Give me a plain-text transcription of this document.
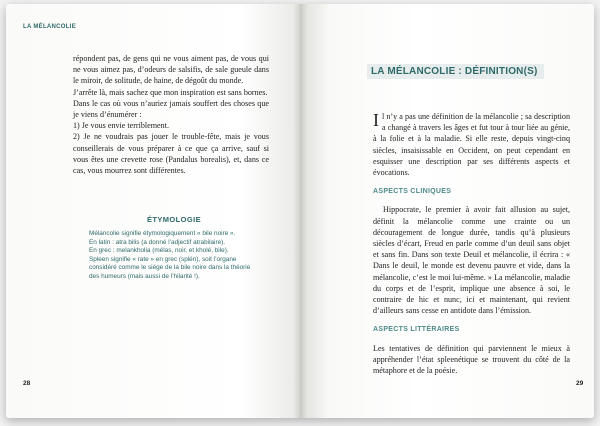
LA MÉLANCOLIE

répondent pas, de gens qui ne vous aiment pas, de vous qui ne vous aimez pas, d’odeurs de salsifis, de sale gueule dans le miroir, de solitude, de haine, de dégoût du monde.

J’arrête là, mais sachez que mon inspiration est sans bornes.

Dans le cas où vous n’auriez jamais souffert des choses que je viens d’énumérer :

1) Je vous envie terriblement.

2) Je ne voudrais pas jouer le trouble-fête, mais je vous conseillerais de vous préparer à ce que ça arrive, sauf si vous êtes une crevette rose (Pandalus borealis), et, dans ce cas, vous mourrez sont différentes.

ÉTYMOLOGIE
Mélancolie signifie étymologiquement « bile noire ».
En latin : atra bilis (a donné l’adjectif atrabilaire).
En grec : melankholia (mélas, noir, et kholé, bile).
Spleen signifie « rate » en grec (splén), soit l’organe considéré comme le siège de la bile noire dans la théorie des humeurs (mais aussi de l’hilarité !).
28
LA MÉLANCOLIE : DÉFINITION(S)

Il n’y a pas une définition de la mélancolie ; sa description a changé à travers les âges et fut tour à tour liée au génie, à la folie et à la maladie. Si elle reste, depuis vingt-cinq siècles, insaisissable en Occident, on peut cependant en esquisser une description par ses différents aspects et évocations.

ASPECTS CLINIQUES

Hippocrate, le premier à avoir fait allusion au sujet, définit la mélancolie comme une crainte ou un découragement de longue durée, tandis qu’à plusieurs siècles d’écart, Freud en parle comme d’un deuil sans objet et sans fin. Dans son texte Deuil et mélancolie, il écrira : « Dans le deuil, le monde est devenu pauvre et vide, dans la mélancolie, c’est le moi lui-même. » La mélancolie, maladie du corps et de l’esprit, implique une absence à soi, le contraire de hic et nunc, ici et maintenant, qui revient d’ailleurs sans cesse en antidote dans l’émission.

ASPECTS LITTÉRAIRES

Les tentatives de définition qui parviennent le mieux à appréhender l’état spleenétique se trouvent du côté de la métaphore et de la poésie.

29
